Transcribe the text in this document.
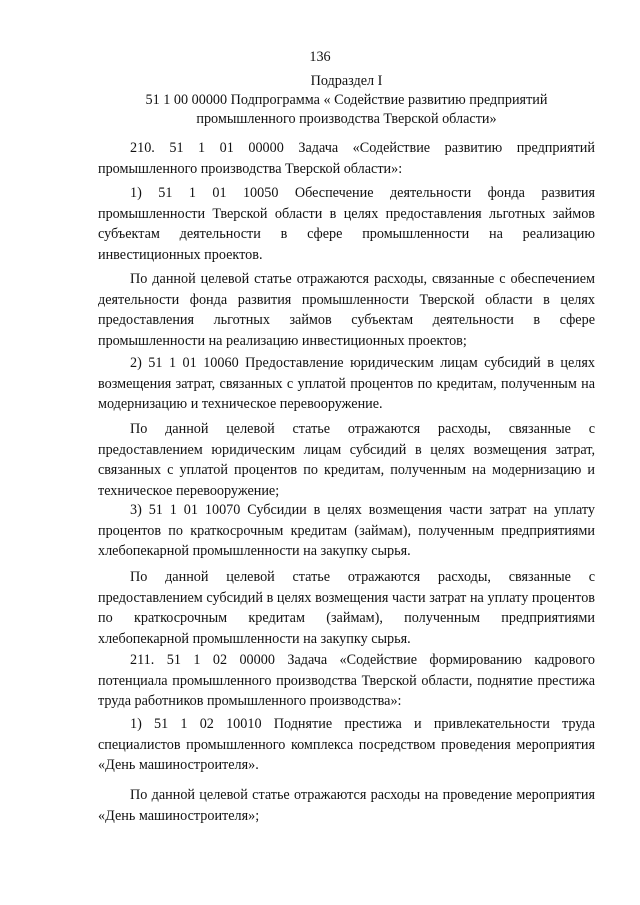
136
Подраздел I
51 1 00 00000 Подпрограмма « Содействие развитию предприятий
промышленного производства Тверской области»
210. 51 1 01 00000 Задача «Содействие развитию предприятий промышленного производства Тверской области»:
1) 51 1 01 10050 Обеспечение деятельности фонда развития промышленности Тверской области в целях предоставления льготных займов субъектам деятельности в сфере промышленности на реализацию инвестиционных проектов.
По данной целевой статье отражаются расходы, связанные с обеспечением деятельности фонда развития промышленности Тверской области в целях предоставления льготных займов субъектам деятельности в сфере промышленности на реализацию инвестиционных проектов;
2) 51 1 01 10060 Предоставление юридическим лицам субсидий в целях возмещения затрат, связанных с уплатой процентов по кредитам, полученным на модернизацию и техническое перевооружение.
По данной целевой статье отражаются расходы, связанные с предоставлением юридическим лицам субсидий в целях возмещения затрат, связанных с уплатой процентов по кредитам, полученным на модернизацию и техническое перевооружение;
3) 51 1 01 10070 Субсидии в целях возмещения части затрат на уплату процентов по краткосрочным кредитам (займам), полученным предприятиями хлебопекарной промышленности на закупку сырья.
По данной целевой статье отражаются расходы, связанные с предоставлением субсидий в целях возмещения части затрат на уплату процентов по краткосрочным кредитам (займам), полученным предприятиями хлебопекарной промышленности на закупку сырья.
211. 51 1 02 00000 Задача «Содействие формированию кадрового потенциала промышленного производства Тверской области, поднятие престижа труда работников промышленного производства»:
1) 51 1 02 10010 Поднятие престижа и привлекательности труда специалистов промышленного комплекса посредством проведения мероприятия «День машиностроителя».
По данной целевой статье отражаются расходы на проведение мероприятия «День машиностроителя»;
